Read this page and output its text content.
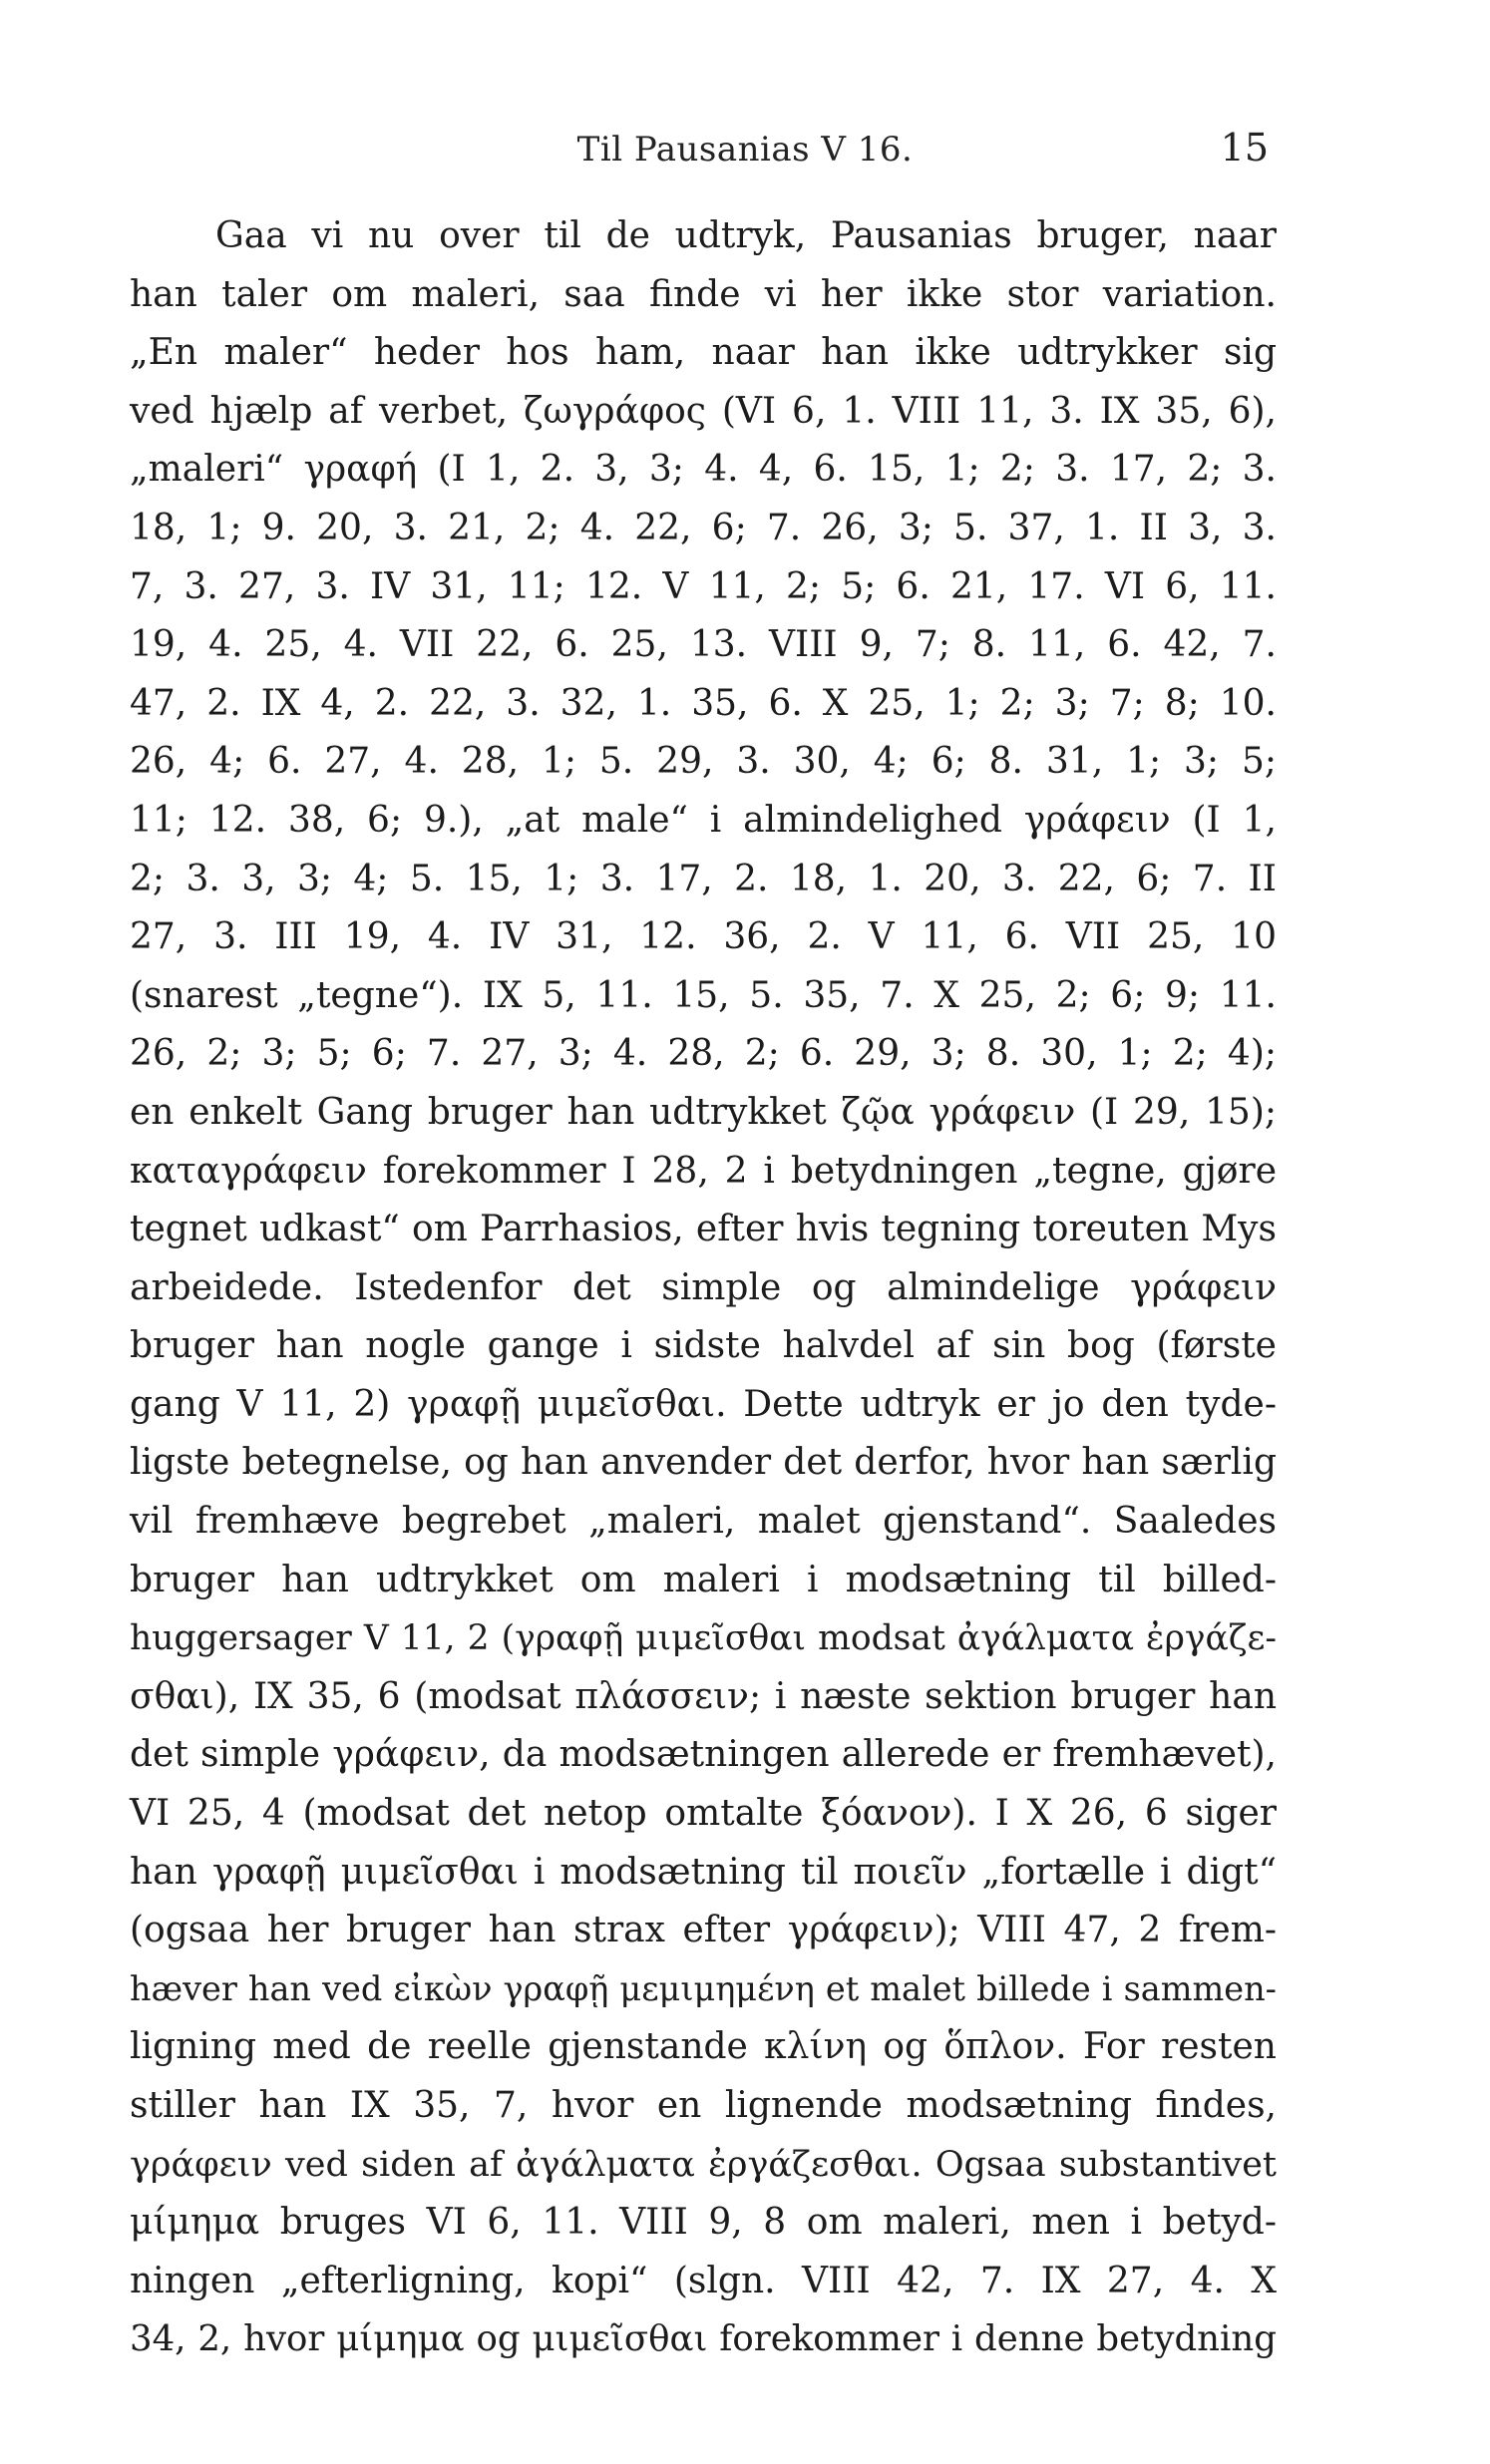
Til Pausanias V 16.	15
Gaa vi nu over til de udtryk, Pausanias bruger, naar
han taler om maleri, saa finde vi her ikke stor variation.
„En maler“ heder hos ham, naar han ikke udtrykker sig
ved hjælp af verbet, ζωγράφος (VI 6, 1. VIII 11, 3. IX 35, 6),
„maleri“ γραφή (I 1, 2. 3, 3; 4. 4, 6. 15, 1; 2; 3. 17, 2; 3.
18, 1; 9. 20, 3. 21, 2; 4. 22, 6; 7. 26, 3; 5. 37, 1. II 3, 3.
7, 3. 27, 3. IV 31, 11; 12. V 11, 2; 5; 6. 21, 17. VI 6, 11.
19, 4. 25, 4. VII 22, 6. 25, 13. VIII 9, 7; 8. 11, 6. 42, 7.
47, 2. IX 4, 2. 22, 3. 32, 1. 35, 6. X 25, 1; 2; 3; 7; 8; 10.
26, 4; 6. 27, 4. 28, 1; 5. 29, 3. 30, 4; 6; 8. 31, 1; 3; 5;
11; 12. 38, 6; 9.), „at male“ i almindelighed γράφειν (I 1,
2; 3. 3, 3; 4; 5. 15, 1; 3. 17, 2. 18, 1. 20, 3. 22, 6; 7. II
27, 3. III 19, 4. IV 31, 12. 36, 2. V 11, 6. VII 25, 10
(snarest „tegne“). IX 5, 11. 15, 5. 35, 7. X 25, 2; 6; 9; 11.
26, 2; 3; 5; 6; 7. 27, 3; 4. 28, 2; 6. 29, 3; 8. 30, 1; 2; 4);
en enkelt Gang bruger han udtrykket ζῷα γράφειν (I 29, 15);
καταγράφειν forekommer I 28, 2 i betydningen „tegne, gjøre
tegnet udkast“ om Parrhasios, efter hvis tegning toreuten Mys
arbeidede. Istedenfor det simple og almindelige γράφειν
bruger han nogle gange i sidste halvdel af sin bog (første
gang V 11, 2) γραφῇ μιμεῖσθαι. Dette udtryk er jo den tyde-
ligste betegnelse, og han anvender det derfor, hvor han særlig
vil fremhæve begrebet „maleri, malet gjenstand“. Saaledes
bruger han udtrykket om maleri i modsætning til billed-
huggersager V 11, 2 (γραφῇ μιμεῖσθαι modsat ἀγάλματα ἐργάζε-
σθαι), IX 35, 6 (modsat πλάσσειν; i næste sektion bruger han
det simple γράφειν, da modsætningen allerede er fremhævet),
VI 25, 4 (modsat det netop omtalte ξόανον). I X 26, 6 siger
han γραφῇ μιμεῖσθαι i modsætning til ποιεῖν „fortælle i digt“
(ogsaa her bruger han strax efter γράφειν); VIII 47, 2 frem-
hæver han ved εἰκὼν γραφῇ μεμιμημένη et malet billede i sammen-
ligning med de reelle gjenstande κλίνη og ὅπλον. For resten
stiller han IX 35, 7, hvor en lignende modsætning findes,
γράφειν ved siden af ἀγάλματα ἐργάζεσθαι. Ogsaa substantivet
μίμημα bruges VI 6, 11. VIII 9, 8 om maleri, men i betyd-
ningen „efterligning, kopi“ (slgn. VIII 42, 7. IX 27, 4. X
34, 2, hvor μίμημα og μιμεῖσθαι forekommer i denne betydning
